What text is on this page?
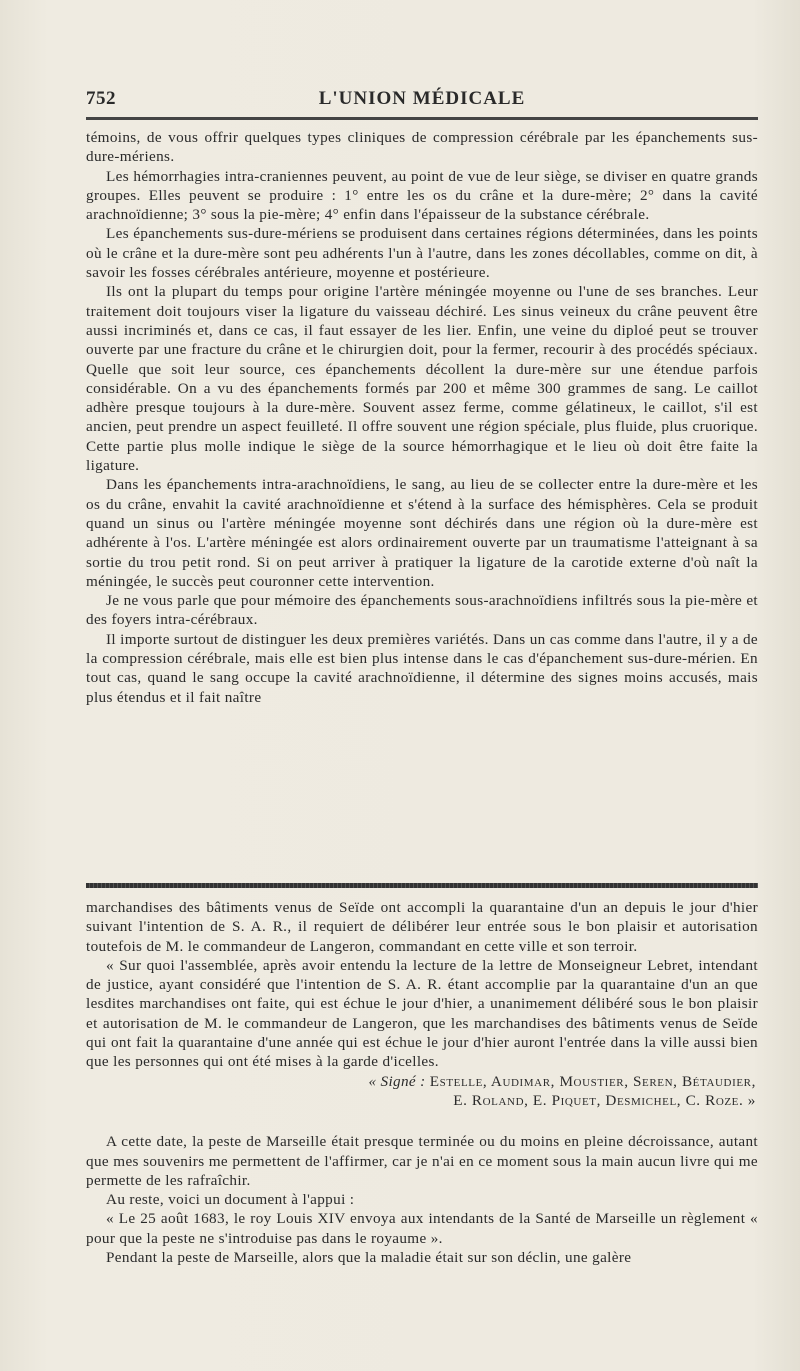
752	L'UNION MÉDICALE

témoins, de vous offrir quelques types cliniques de compression cérébrale par les épanchements sus-dure-mériens.

Les hémorrhagies intra-craniennes peuvent, au point de vue de leur siège, se diviser en quatre grands groupes. Elles peuvent se produire : 1° entre les os du crâne et la dure-mère; 2° dans la cavité arachnoïdienne; 3° sous la pie-mère; 4° enfin dans l'épaisseur de la substance cérébrale.

Les épanchements sus-dure-mériens se produisent dans certaines régions déterminées, dans les points où le crâne et la dure-mère sont peu adhérents l'un à l'autre, dans les zones décollables, comme on dit, à savoir les fosses cérébrales antérieure, moyenne et postérieure.

Ils ont la plupart du temps pour origine l'artère méningée moyenne ou l'une de ses branches. Leur traitement doit toujours viser la ligature du vaisseau déchiré. Les sinus veineux du crâne peuvent être aussi incriminés et, dans ce cas, il faut essayer de les lier. Enfin, une veine du diploé peut se trouver ouverte par une fracture du crâne et le chirurgien doit, pour la fermer, recourir à des procédés spéciaux. Quelle que soit leur source, ces épanchements décollent la dure-mère sur une étendue parfois considérable. On a vu des épanchements formés par 200 et même 300 grammes de sang. Le caillot adhère presque toujours à la dure-mère. Souvent assez ferme, comme gélatineux, le caillot, s'il est ancien, peut prendre un aspect feuilleté. Il offre souvent une région spéciale, plus fluide, plus cruorique. Cette partie plus molle indique le siège de la source hémorrhagique et le lieu où doit être faite la ligature.

Dans les épanchements intra-arachnoïdiens, le sang, au lieu de se collecter entre la dure-mère et les os du crâne, envahit la cavité arachnoïdienne et s'étend à la surface des hémisphères. Cela se produit quand un sinus ou l'artère méningée moyenne sont déchirés dans une région où la dure-mère est adhérente à l'os. L'artère méningée est alors ordinairement ouverte par un traumatisme l'atteignant à sa sortie du trou petit rond. Si on peut arriver à pratiquer la ligature de la carotide externe d'où naît la méningée, le succès peut couronner cette intervention.

Je ne vous parle que pour mémoire des épanchements sous-arachnoïdiens infiltrés sous la pie-mère et des foyers intra-cérébraux.

Il importe surtout de distinguer les deux premières variétés. Dans un cas comme dans l'autre, il y a de la compression cérébrale, mais elle est bien plus intense dans le cas d'épanchement sus-dure-mérien. En tout cas, quand le sang occupe la cavité arachnoïdienne, il détermine des signes moins accusés, mais plus étendus et il fait naître

marchandises des bâtiments venus de Seïde ont accompli la quarantaine d'un an depuis le jour d'hier suivant l'intention de S. A. R., il requiert de délibérer leur entrée sous le bon plaisir et autorisation toutefois de M. le commandeur de Langeron, commandant en cette ville et son terroir.

« Sur quoi l'assemblée, après avoir entendu la lecture de la lettre de Monseigneur Lebret, intendant de justice, ayant considéré que l'intention de S. A. R. étant accomplie par la quarantaine d'un an que lesdites marchandises ont faite, qui est échue le jour d'hier, a unanimement délibéré sous le bon plaisir et autorisation de M. le commandeur de Langeron, que les marchandises des bâtiments venus de Seïde qui ont fait la quarantaine d'une année qui est échue le jour d'hier auront l'entrée dans la ville aussi bien que les personnes qui ont été mises à la garde d'icelles.

« Signé : Estelle, Audimar, Moustier, Seren, Bétaudier,

E. Roland, E. Piquet, Desmichel, C. Roze. »

A cette date, la peste de Marseille était presque terminée ou du moins en pleine décroissance, autant que mes souvenirs me permettent de l'affirmer, car je n'ai en ce moment sous la main aucun livre qui me permette de les rafraîchir.

Au reste, voici un document à l'appui :

« Le 25 août 1683, le roy Louis XIV envoya aux intendants de la Santé de Marseille un règlement « pour que la peste ne s'introduise pas dans le royaume ».

Pendant la peste de Marseille, alors que la maladie était sur son déclin, une galère
